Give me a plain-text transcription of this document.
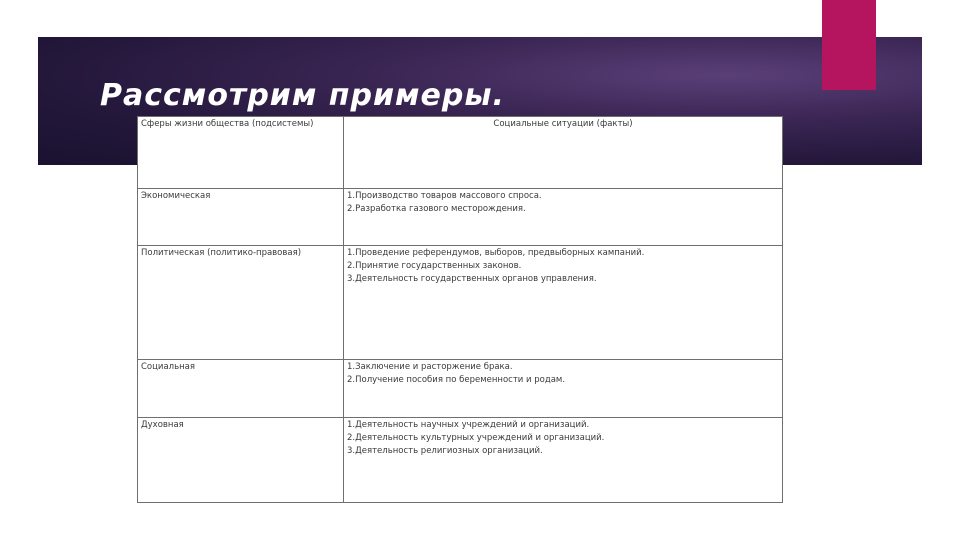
Рассмотрим примеры.
Сферы жизни общества (подсистемы)	Социальные ситуации (факты)
Экономическая	1.Производство товаров массового спроса.
2.Разработка газового месторождения.

Политическая (политико-правовая)	1.Проведение референдумов, выборов, предвыборных кампаний.
2.Принятие государственных законов.
3.Деятельность государственных органов управления.

Социальная	1.Заключение и расторжение брака.
2.Получение пособия по беременности и родам.

Духовная	1.Деятельность научных учреждений и организаций.
2.Деятельность культурных учреждений и организаций.
3.Деятельность религиозных организаций.
